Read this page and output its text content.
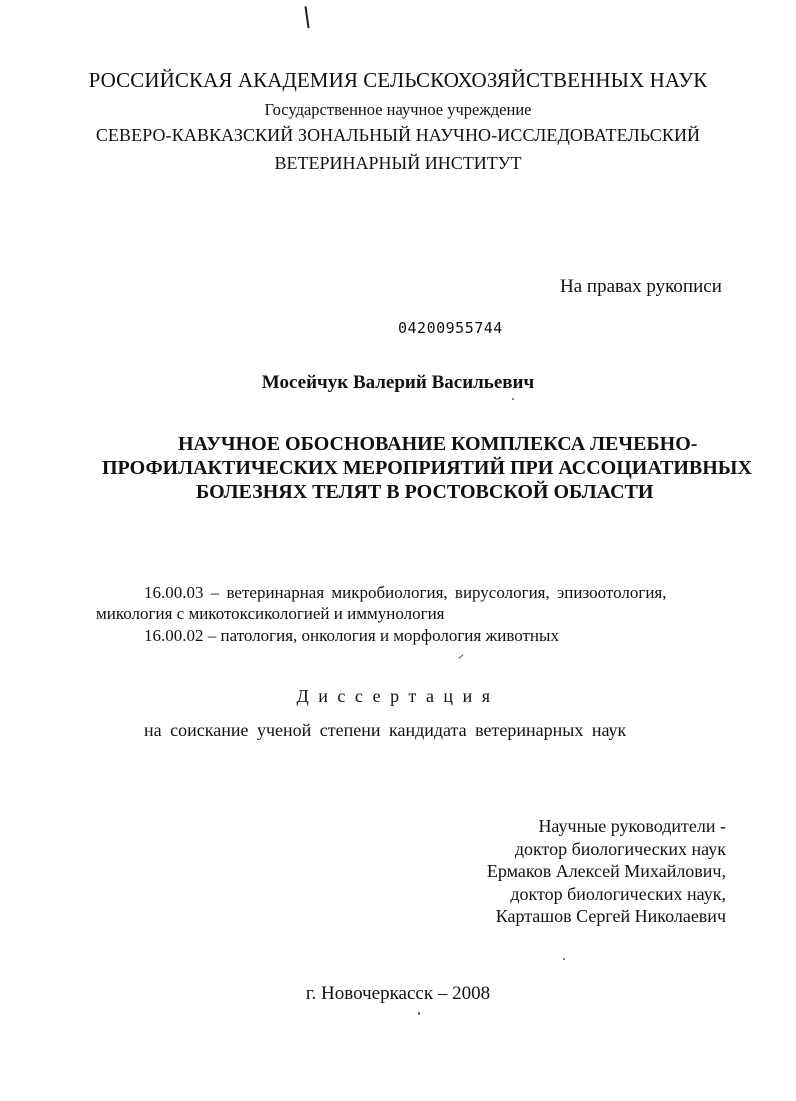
РОССИЙСКАЯ АКАДЕМИЯ СЕЛЬСКОХОЗЯЙСТВЕННЫХ НАУК
Государственное научное учреждение
СЕВЕРО-КАВКАЗСКИЙ ЗОНАЛЬНЫЙ НАУЧНО-ИССЛЕДОВАТЕЛЬСКИЙ
ВЕТЕРИНАРНЫЙ ИНСТИТУТ
На правах рукописи
04200955744
Мосейчук Валерий Васильевич
НАУЧНОЕ ОБОСНОВАНИЕ КОМПЛЕКСА ЛЕЧЕБНО-
ПРОФИЛАКТИЧЕСКИХ МЕРОПРИЯТИЙ ПРИ АССОЦИАТИВНЫХ
БОЛЕЗНЯХ ТЕЛЯТ В РОСТОВСКОЙ ОБЛАСТИ
16.00.03 – ветеринарная микробиология, вирусология, эпизоотология,
микология с микотоксикологией и иммунология
16.00.02 – патология, онкология и морфология животных
Диссертация
на соискание ученой степени кандидата ветеринарных наук
Научные руководители -
доктор биологических наук
Ермаков Алексей Михайлович,
доктор биологических наук,
Карташов Сергей Николаевич
г. Новочеркасск – 2008
